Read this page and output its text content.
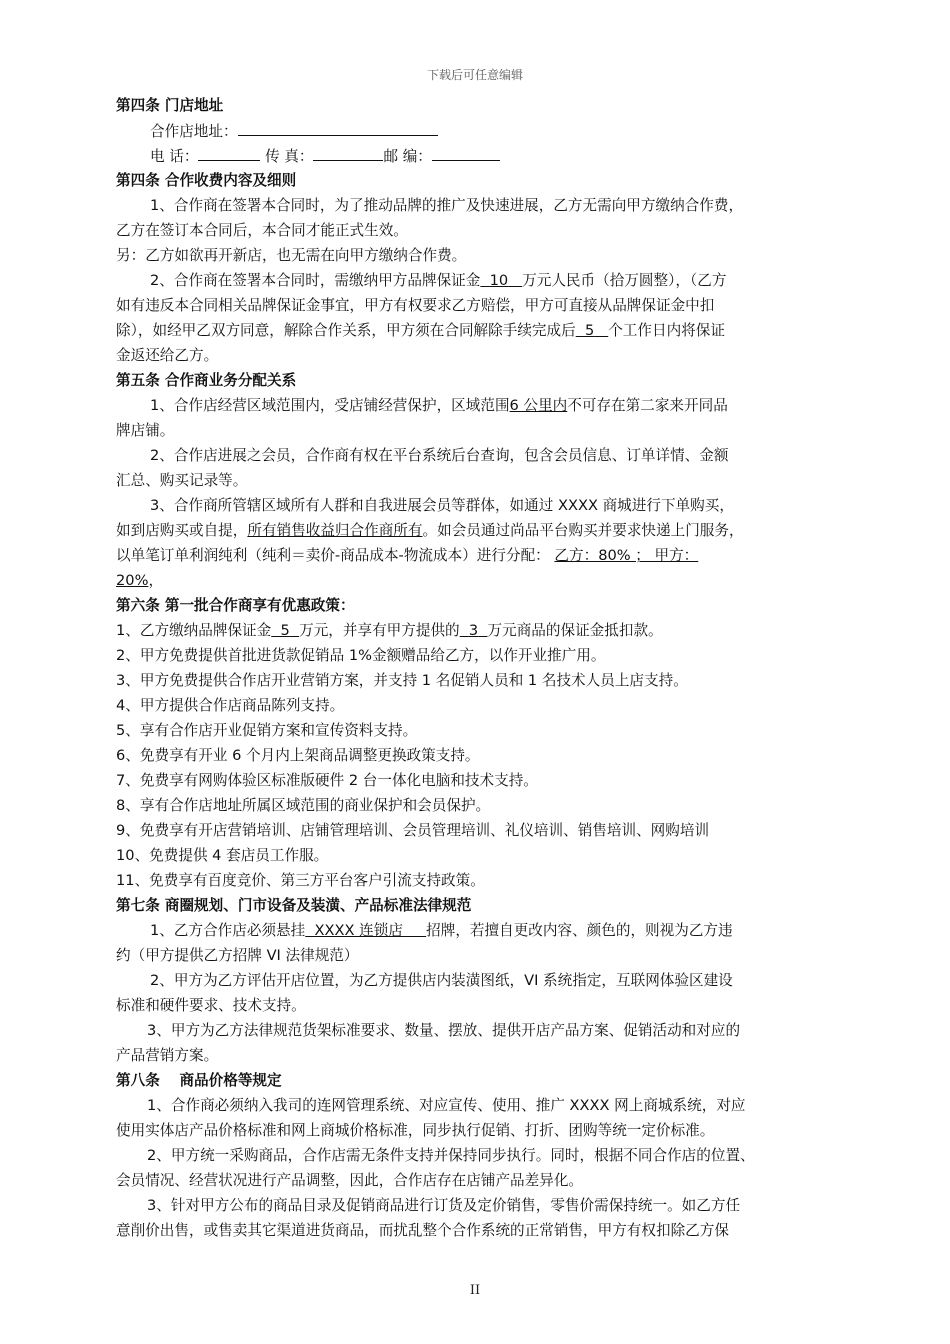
下载后可任意编辑
第四条 门店地址
合作店地址：
电 话：	传 真：	邮 编：
第四条 合作收费内容及细则
1、合作商在签署本合同时，为了推动品牌的推广及快速进展，乙方无需向甲方缴纳合作费，
乙方在签订本合同后，本合同才能正式生效。
另：乙方如欲再开新店，也无需在向甲方缴纳合作费。
2、合作商在签署本合同时，需缴纳甲方品牌保证金 10 万元人民币（拾万圆整），（乙方
如有违反本合同相关品牌保证金事宜，甲方有权要求乙方赔偿，甲方可直接从品牌保证金中扣
除），如经甲乙双方同意，解除合作关系，甲方须在合同解除手续完成后 5 个工作日内将保证
金返还给乙方。
第五条 合作商业务分配关系
1、合作店经营区域范围内，受店铺经营保护，区域范围6 公里内不可存在第二家来开同品
牌店铺。
2、合作店进展之会员，合作商有权在平台系统后台查询，包含会员信息、订单详情、金额
汇总、购买记录等。
3、合作商所管辖区域所有人群和自我进展会员等群体，如通过 XXXX 商城进行下单购买，
如到店购买或自提，所有销售收益归合作商所有。如会员通过尚品平台购买并要求快递上门服务，
以单笔订单利润纯利（纯利＝卖价-商品成本-物流成本）进行分配： 乙方：80% ； 甲方：
20%，
第六条 第一批合作商享有优惠政策：
1、乙方缴纳品牌保证金 5 万元，并享有甲方提供的 3 万元商品的保证金抵扣款。
2、甲方免费提供首批进货款促销品 1%金额赠品给乙方，以作开业推广用。
3、甲方免费提供合作店开业营销方案，并支持 1 名促销人员和 1 名技术人员上店支持。
4、甲方提供合作店商品陈列支持。
5、享有合作店开业促销方案和宣传资料支持。
6、免费享有开业 6 个月内上架商品调整更换政策支持。
7、免费享有网购体验区标准版硬件 2 台一体化电脑和技术支持。
8、享有合作店地址所属区域范围的商业保护和会员保护。
9、免费享有开店营销培训、店铺管理培训、会员管理培训、礼仪培训、销售培训、网购培训
10、免费提供 4 套店员工作服。
11、免费享有百度竞价、第三方平台客户引流支持政策。
第七条 商圈规划、门市设备及装潢、产品标准法律规范
1、乙方合作店必须悬挂 XXXX 连锁店 招牌，若擅自更改内容、颜色的，则视为乙方违
约（甲方提供乙方招牌 VI 法律规范）
2、甲方为乙方评估开店位置，为乙方提供店内装潢图纸，VI 系统指定，互联网体验区建设
标准和硬件要求、技术支持。
3、甲方为乙方法律规范货架标准要求、数量、摆放、提供开店产品方案、促销活动和对应的
产品营销方案。
第八条　 商品价格等规定
1、合作商必须纳入我司的连网管理系统、对应宣传、使用、推广 XXXX 网上商城系统，对应
使用实体店产品价格标准和网上商城价格标准，同步执行促销、打折、团购等统一定价标准。
2、甲方统一采购商品，合作店需无条件支持并保持同步执行。同时，根据不同合作店的位置、
会员情况、经营状况进行产品调整，因此，合作店存在店铺产品差异化。
3、针对甲方公布的商品目录及促销商品进行订货及定价销售，零售价需保持统一。如乙方任
意削价出售，或售卖其它渠道进货商品，而扰乱整个合作系统的正常销售，甲方有权扣除乙方保
II
